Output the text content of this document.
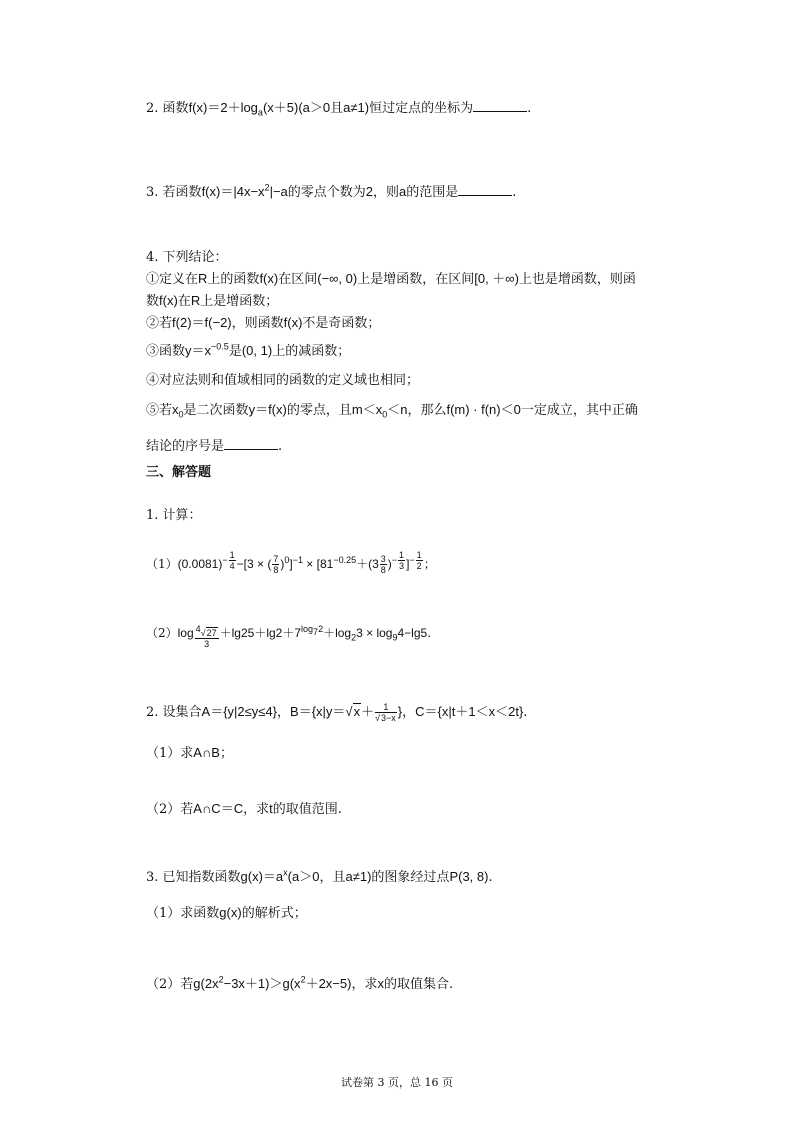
2. 函数$f(x)=2+\log_a(x+5)(a>0$且a≠1)恒过定点的坐标为	.
3. 若函数$f(x)=|4x-x^2|-a$的零点个数为2，则a的范围是	.
4. 下列结论：
①定义在R上的函数f(x)在区间(−∞, 0)上是增函数，在区间[0, ＋∞)上也是增函数，则函
数f(x)在R上是增函数；
②若f(2)＝f(−2)，则函数f(x)不是奇函数；
③函数$y=x^{-0.5}$是(0, 1)上的减函数；
④对应法则和值域相同的函数的定义域也相同；
⑤若$x_0$是二次函数y＝f(x)的零点，且$m<x_0<n$，那么f(m) · f(n)＜0一定成立，其中正确
结论的序号是	.
三、解答题
1. 计算：
$(1)(0.0081)^{- \frac{1}{4}} -[3$ × ( $\frac{7}{8} )^0]^{-1} \times [81^{-0.25}+(3 \frac{3}{8} )^{- \frac{1}{3}}$ ]$^{- \frac{1}{2}}$ ；
（2）log $_{\frac{^4√27}{3}} +\lg 25+\lg 2+7^{log_72}+\log_23 \times \log_94-\lg 5$.
2. 设集合A＝{y|2≤y≤4}，$B=\{x|y=√x+ \frac{1}{√3-x}$ }，C＝{x|t＋1＜x＜2t}.
（1）求A∩B；
（2）若A∩C＝C，求t的取值范围.
3. 已知指数函数$g(x)=a^x(a>0$，且a≠1)的图象经过点P(3, 8).
（1）求函数g(x)的解析式；
（2）若$g(2x^2-3x+1)>g(x^2+2x-5)$，求x的取值集合.
试卷第 3 页，总 16 页
